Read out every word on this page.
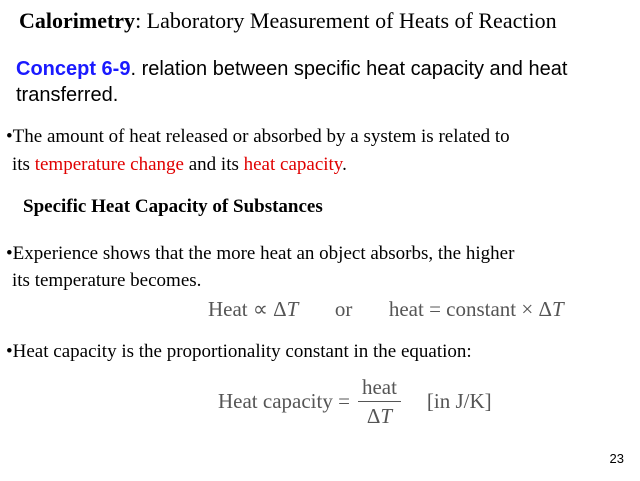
Calorimetry: Laboratory Measurement of Heats of Reaction
Concept 6-9. relation between specific heat capacity and heat transferred.
•The amount of heat released or absorbed by a system is related to
its temperature change and its heat capacity.
Specific Heat Capacity of Substances
•Experience shows that the more heat an object absorbs, the higher
its temperature becomes.
Heat ∝ ΔT or heat = constant × ΔT
•Heat capacity is the proportionality constant in the equation:
Heat capacity = $\frac{\text{heat}}{\Delta T} [in$ J/K]
23
